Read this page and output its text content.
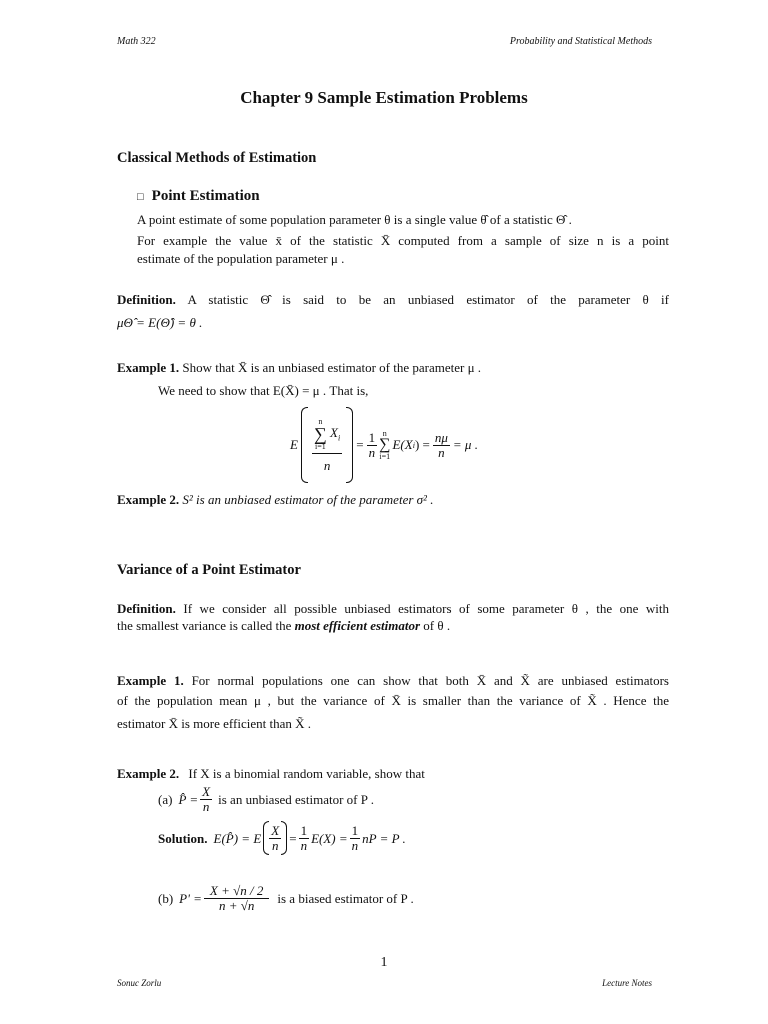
Math 322	Probability and Statistical Methods
Chapter 9 Sample Estimation Problems
Classical Methods of Estimation
□ Point Estimation
A point estimate of some population parameter θ is a single value θ̂ of a statistic Θ̂ .
For example the value x̄ of the statistic X̄ computed from a sample of size n is a point
estimate of the population parameter μ .
Definition. A statistic Θ̂ is said to be an unbiased estimator of the parameter θ if
μΘ̂ = E(Θ̂) = θ .
Example 1. Show that X̄ is an unbiased estimator of the parameter μ .
We need to show that E(X̄) = μ . That is,
E n
∑
i=1
$X_i$
$n = \frac{1}{n}$ n
∑
i=1
E(X i ) = $\frac{n\mu}{n} = \mu$ .
Example 2. S² is an unbiased estimator of the parameter σ² .
Variance of a Point Estimator
Definition. If we consider all possible unbiased estimators of some parameter θ , the one with
the smallest variance is called the most efficient estimator of θ .
Example 1. For normal populations one can show that both X̄ and X̃ are unbiased estimators
of the population mean μ , but the variance of X̄ is smaller than the variance of X̃ . Hence the
estimator X̄ is more efficient than X̃ .
Example 2. If X is a binomial random variable, show that
(a) P̂ = $\frac{X}{n}$ is an unbiased estimator of P .
Solution. E(P̂) = E $\frac{X}{n} = \frac{1}{n} E(X) = \frac{1}{n}$ nP = P .
(b) $P' = \frac{X + √n / 2}{n + √n}$ is a biased estimator of P .
1
Sonuc Zorlu	Lecture Notes
